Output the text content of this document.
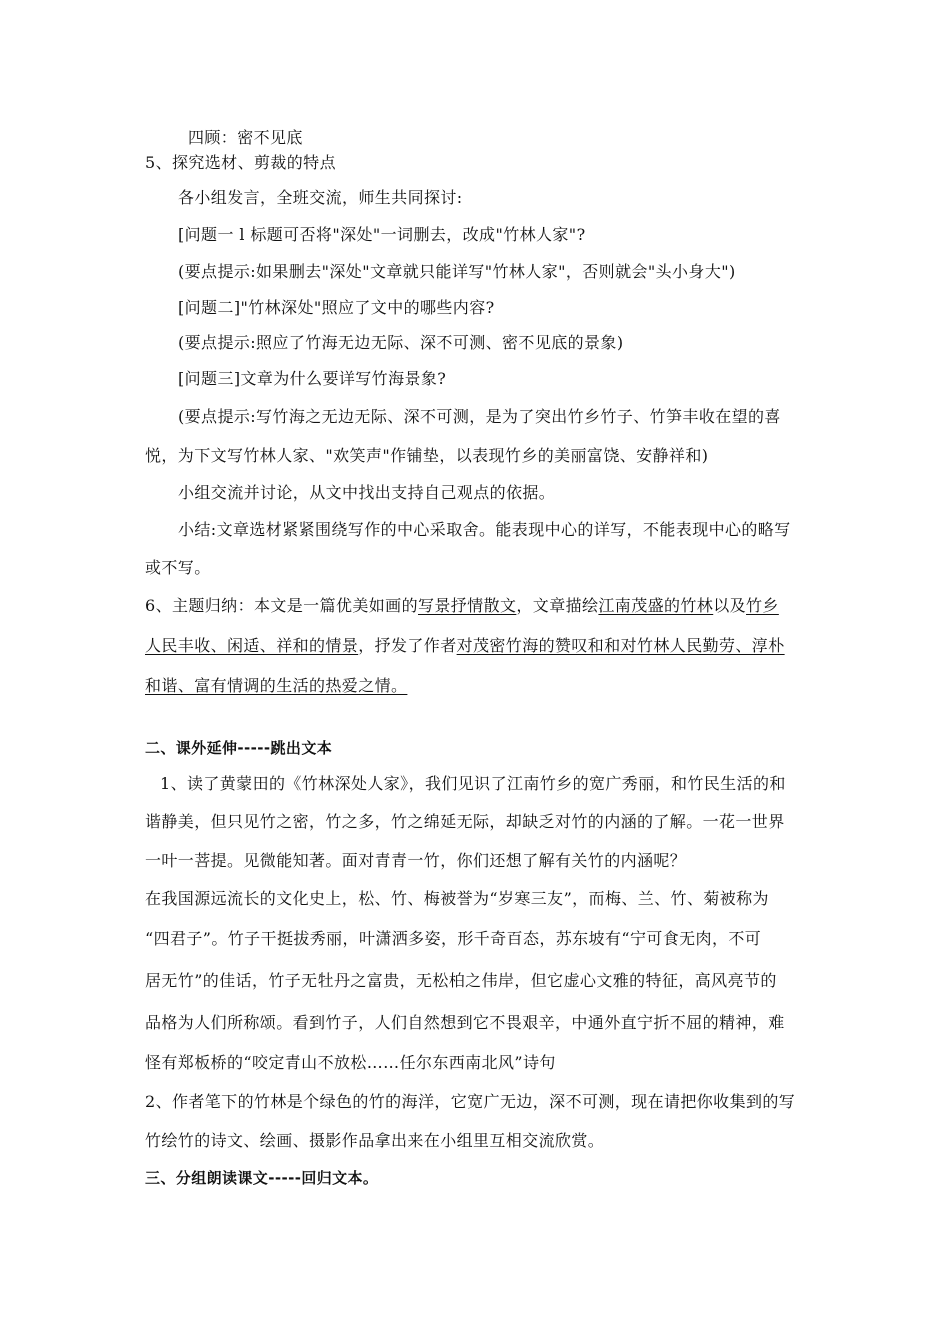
四顾：密不见底
5、探究选材、剪裁的特点
各小组发言，全班交流，师生共同探讨:
[问题一 l 标题可否将"深处"一词删去，改成"竹林人家"?
(要点提示:如果删去"深处"文章就只能详写"竹林人家"，否则就会"头小身大")
[问题二]"竹林深处"照应了文中的哪些内容?
(要点提示:照应了竹海无边无际、深不可测、密不见底的景象)
[问题三]文章为什么要详写竹海景象?
(要点提示:写竹海之无边无际、深不可测，是为了突出竹乡竹子、竹笋丰收在望的喜
悦，为下文写竹林人家、"欢笑声"作铺垫，以表现竹乡的美丽富饶、安静祥和)
小组交流并讨论，从文中找出支持自己观点的依据。
小结:文章选材紧紧围绕写作的中心采取舍。能表现中心的详写，不能表现中心的略写
或不写。
6、主题归纳：本文是一篇优美如画的写景抒情散文，文章描绘江南茂盛的竹林以及竹乡
人民丰收、闲适、祥和的情景，抒发了作者对茂密竹海的赞叹和和对竹林人民勤劳、淳朴
和谐、富有情调的生活的热爱之情。
二、课外延伸-----跳出文本
1、读了黄蒙田的《竹林深处人家》，我们见识了江南竹乡的宽广秀丽，和竹民生活的和
谐静美，但只见竹之密，竹之多，竹之绵延无际，却缺乏对竹的内涵的了解。一花一世界
一叶一菩提。见微能知著。面对青青一竹，你们还想了解有关竹的内涵呢？
在我国源远流长的文化史上，松、竹、梅被誉为“岁寒三友”，而梅、兰、竹、菊被称为
“四君子”。竹子干挺拔秀丽，叶潇洒多姿，形千奇百态，苏东坡有“宁可食无肉，不可
居无竹”的佳话，竹子无牡丹之富贵，无松柏之伟岸，但它虚心文雅的特征，高风亮节的
品格为人们所称颂。看到竹子，人们自然想到它不畏艰辛，中通外直宁折不屈的精神，难
怪有郑板桥的“咬定青山不放松……任尔东西南北风”诗句
2、作者笔下的竹林是个绿色的竹的海洋，它宽广无边，深不可测，现在请把你收集到的写
竹绘竹的诗文、绘画、摄影作品拿出来在小组里互相交流欣赏。
三、分组朗读课文-----回归文本。
